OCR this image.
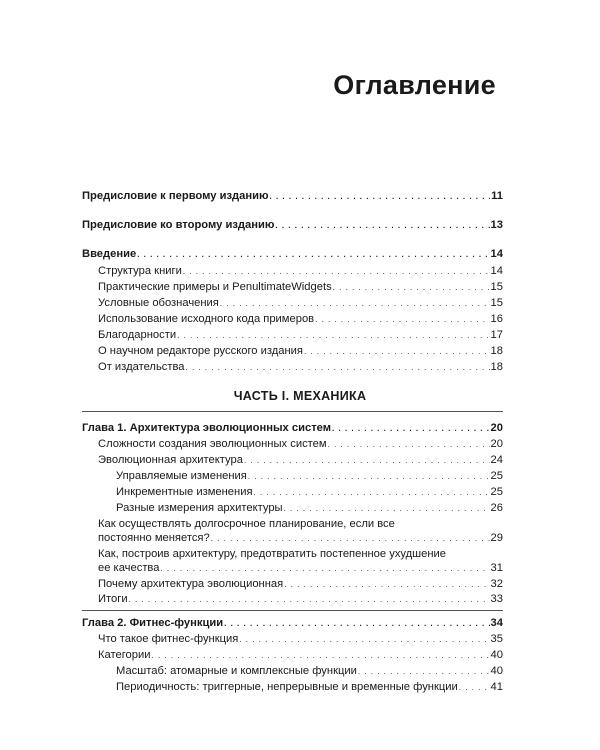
Оглавление
Предисловие к первому изданию . . .	11
Предисловие ко второму изданию . . .	13
Введение . . .	14
Структура книги . . .	14
Практические примеры и PenultimateWidgets . . .	15
Условные обозначения . . .	15
Использование исходного кода примеров . . .	16
Благодарности . . .	17
О научном редакторе русского издания . . .	18
От издательства . . .	18
ЧАСТЬ I. МЕХАНИКА
Глава 1. Архитектура эволюционных систем . . .	20
Сложности создания эволюционных систем . . .	20
Эволюционная архитектура . . .	24
Управляемые изменения . . .	25
Инкрементные изменения . . .	25
Разные измерения архитектуры . . .	26
Как осуществлять долгосрочное планирование, если все
постоянно меняется? . . .	29
Как, построив архитектуру, предотвратить постепенное ухудшение
ее качества . . .	31
Почему архитектура эволюционная . . .	32
Итоги . . .	33
Глава 2. Фитнес-функции . . .	34
Что такое фитнес-функция . . .	35
Категории . . .	40
Масштаб: атомарные и комплексные функции . . .	40
Периодичность: триггерные, непрерывные и временные функции . . .	41
